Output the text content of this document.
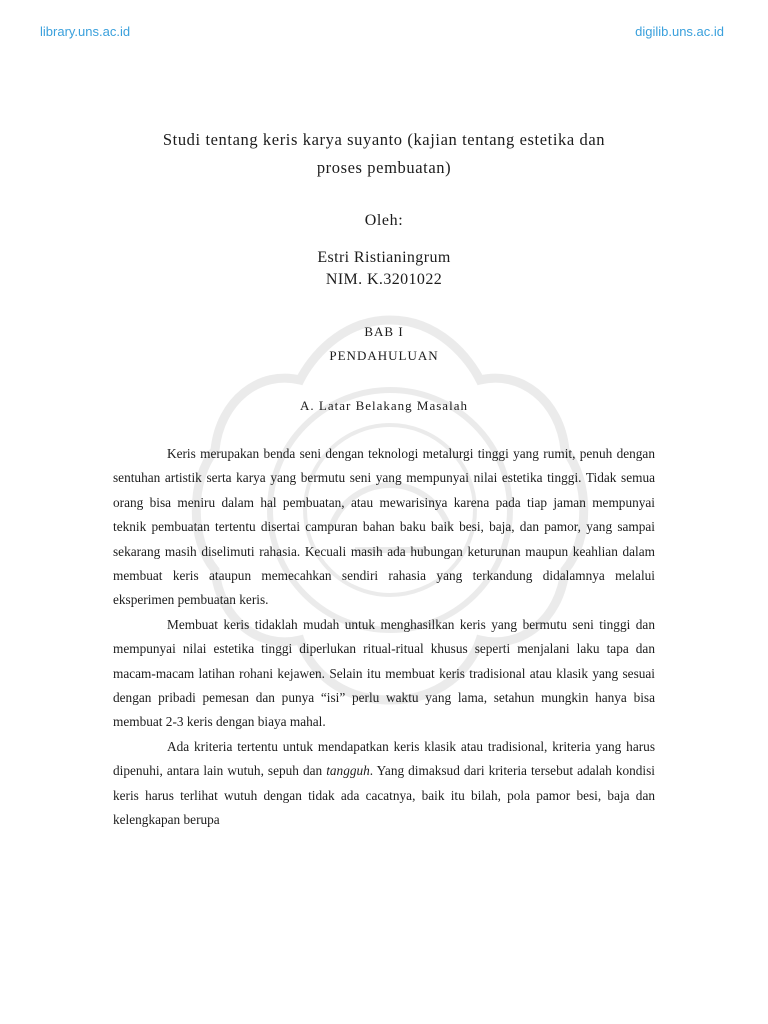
library.uns.ac.id	digilib.uns.ac.id
Studi tentang keris karya suyanto (kajian tentang estetika dan
proses pembuatan)
Oleh:
Estri Ristianingrum
NIM. K.3201022
BAB I
PENDAHULUAN
A. Latar Belakang Masalah

Keris merupakan benda seni dengan teknologi metalurgi tinggi yang rumit, penuh dengan sentuhan artistik serta karya yang bermutu seni yang mempunyai nilai estetika tinggi. Tidak semua orang bisa meniru dalam hal pembuatan, atau mewarisinya karena pada tiap jaman mempunyai teknik pembuatan tertentu disertai campuran bahan baku baik besi, baja, dan pamor, yang sampai sekarang masih diselimuti rahasia. Kecuali masih ada hubungan keturunan maupun keahlian dalam membuat keris ataupun memecahkan sendiri rahasia yang terkandung didalamnya melalui eksperimen pembuatan keris.

Membuat keris tidaklah mudah untuk menghasilkan keris yang bermutu seni tinggi dan mempunyai nilai estetika tinggi diperlukan ritual-ritual khusus seperti menjalani laku tapa dan macam-macam latihan rohani kejawen. Selain itu membuat keris tradisional atau klasik yang sesuai dengan pribadi pemesan dan punya “isi” perlu waktu yang lama, setahun mungkin hanya bisa membuat 2-3 keris dengan biaya mahal.

Ada kriteria tertentu untuk mendapatkan keris klasik atau tradisional, kriteria yang harus dipenuhi, antara lain wutuh, sepuh dan tangguh. Yang dimaksud dari kriteria tersebut adalah kondisi keris harus terlihat wutuh dengan tidak ada cacatnya, baik itu bilah, pola pamor besi, baja dan kelengkapan berupa
